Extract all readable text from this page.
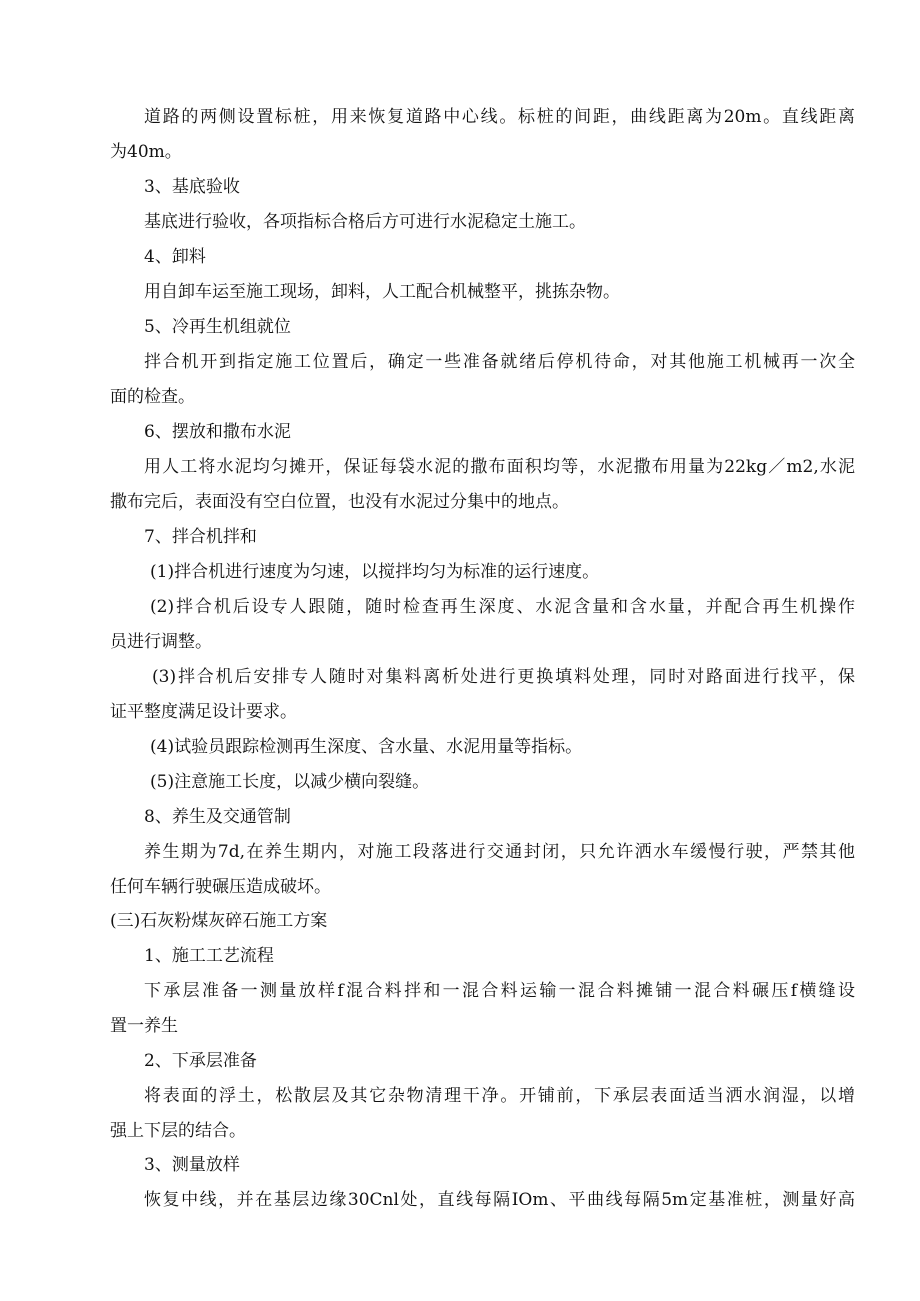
道路的两侧设置标桩，用来恢复道路中心线。标桩的间距，曲线距离为20m。直线距离
为40m。
3、基底验收
基底进行验收，各项指标合格后方可进行水泥稳定土施工。
4、卸料
用自卸车运至施工现场，卸料，人工配合机械整平，挑拣杂物。
5、冷再生机组就位
拌合机开到指定施工位置后，确定一些准备就绪后停机待命，对其他施工机械再一次全
面的检查。
6、摆放和撒布水泥
用人工将水泥均匀摊开，保证每袋水泥的撒布面积均等，水泥撒布用量为22kg／m2,水泥
撒布完后，表面没有空白位置，也没有水泥过分集中的地点。
7、拌合机拌和
(1)拌合机进行速度为匀速，以搅拌均匀为标准的运行速度。
(2)拌合机后设专人跟随，随时检查再生深度、水泥含量和含水量，并配合再生机操作
员进行调整。
(3)拌合机后安排专人随时对集料离析处进行更换填料处理，同时对路面进行找平，保
证平整度满足设计要求。
(4)试验员跟踪检测再生深度、含水量、水泥用量等指标。
(5)注意施工长度，以减少横向裂缝。
8、养生及交通管制
养生期为7d,在养生期内，对施工段落进行交通封闭，只允许洒水车缓慢行驶，严禁其他
任何车辆行驶碾压造成破坏。
(三)石灰粉煤灰碎石施工方案
1、施工工艺流程
下承层准备一测量放样f混合料拌和一混合料运输一混合料摊铺一混合料碾压f横缝设
置一养生
2、下承层准备
将表面的浮土，松散层及其它杂物清理干净。开铺前，下承层表面适当洒水润湿，以增
强上下层的结合。
3、测量放样
恢复中线，并在基层边缘30Cnl处，直线每隔IOm、平曲线每隔5m定基准桩，测量好高
